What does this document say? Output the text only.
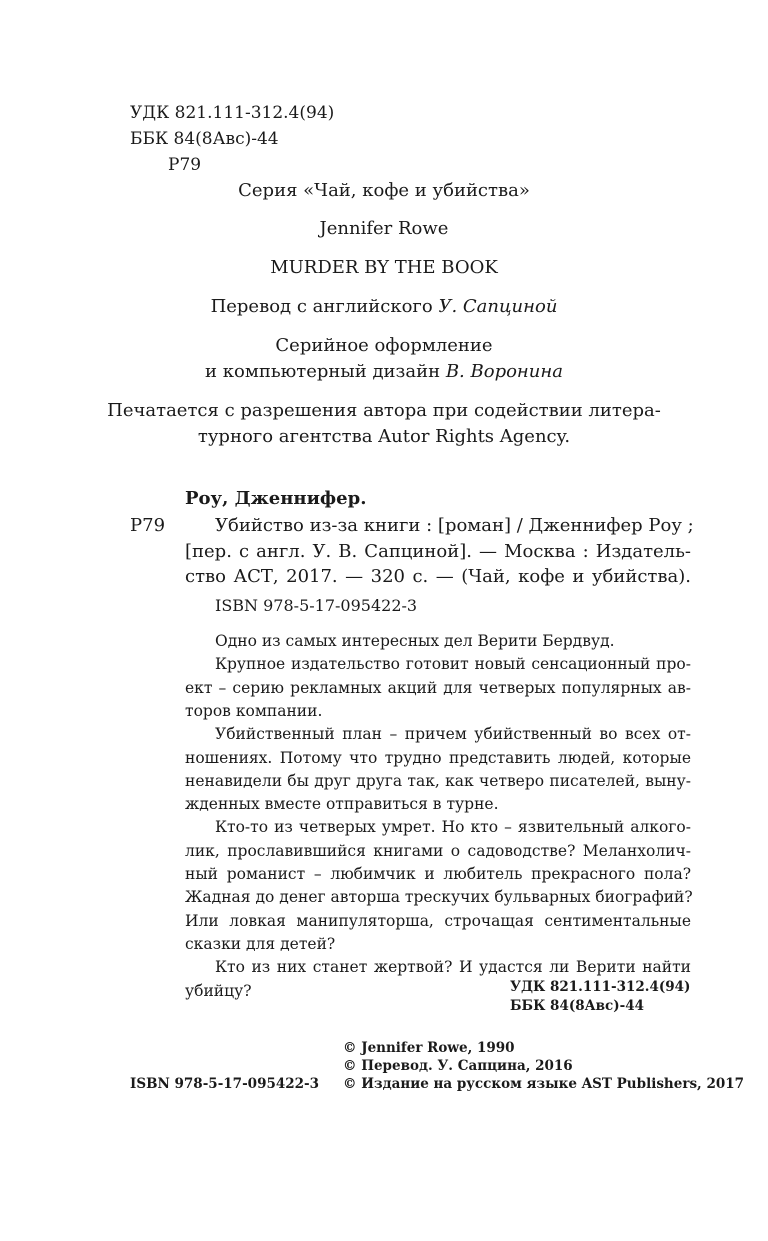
УДК 821.111-312.4(94)
ББК 84(8Авс)-44
Р79
Серия «Чай, кофе и убийства»
Jennifer Rowe
MURDER BY THE BOOK
Перевод с английского У. Сапциной
Серийное оформление
и компьютерный дизайн В. Воронина
Печатается с разрешения автора при содействии литера-
турного агентства Autor Rights Agency.
Роу, Дженнифер.
Р79	Убийство из-за книги : [роман] / Дженнифер Роу ;
[пер. с англ. У. В. Сапциной]. — Москва : Издатель-
ство АСТ, 2017. — 320 с. — (Чай, кофе и убийства).
ISBN 978-5-17-095422-3
Одно из самых интересных дел Верити Бердвуд.
Крупное издательство готовит новый сенсационный про-
ект – серию рекламных акций для четверых популярных ав-
торов компании.
Убийственный план – причем убийственный во всех от-
ношениях. Потому что трудно представить людей, которые
ненавидели бы друг друга так, как четверо писателей, выну-
жденных вместе отправиться в турне.
Кто-то из четверых умрет. Но кто – язвительный алкого-
лик, прославившийся книгами о садоводстве? Меланхолич-
ный романист – любимчик и любитель прекрасного пола?
Жадная до денег авторша трескучих бульварных биографий?
Или ловкая манипуляторша, строчащая сентиментальные
сказки для детей?
Кто из них станет жертвой? И удастся ли Верити найти
убийцу?	УДК 821.111-312.4(94)
ББК 84(8Авс)-44
© Jennifer Rowe, 1990
© Перевод. У. Сапцина, 2016
ISBN 978-5-17-095422-3 © Издание на русском языке AST Publishers, 2017
